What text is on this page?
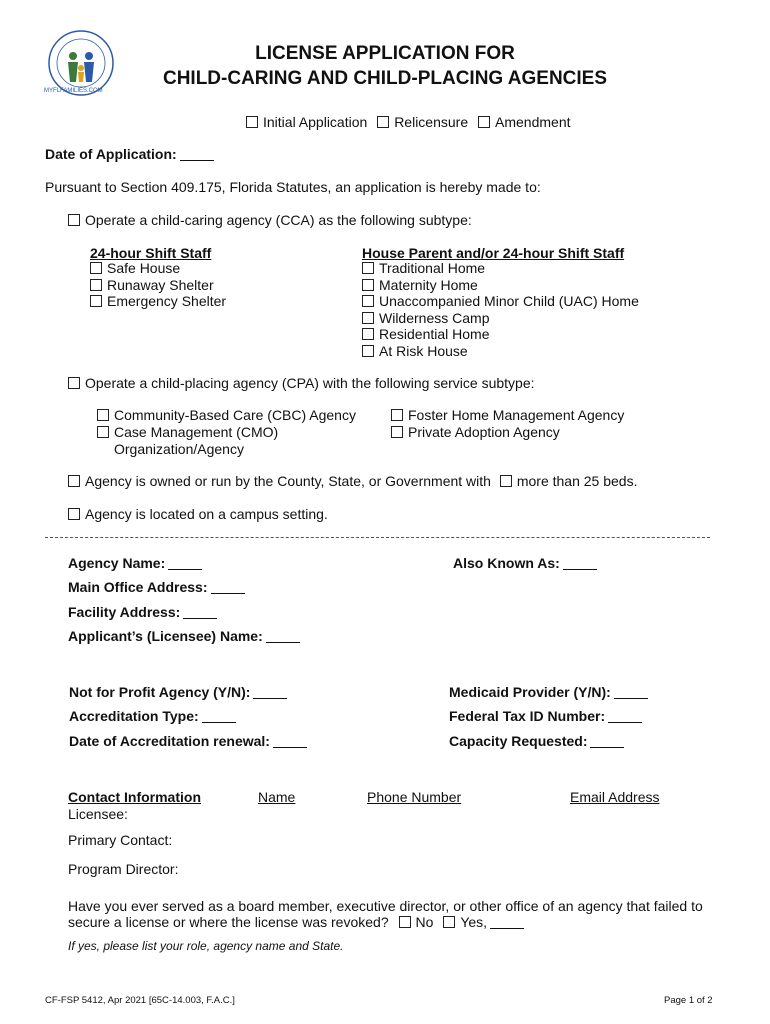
MYFLFAMILIES.COM
LICENSE APPLICATION FOR
CHILD-CARING AND CHILD-PLACING AGENCIES
Initial Application Relicensure Amendment
Date of Application:
Pursuant to Section 409.175, Florida Statutes, an application is hereby made to:
Operate a child-caring agency (CCA) as the following subtype:
24-hour Shift Staff
Safe House
Runaway Shelter
Emergency Shelter
House Parent and/or 24-hour Shift Staff
Traditional Home
Maternity Home
Unaccompanied Minor Child (UAC) Home
Wilderness Camp
Residential Home
At Risk House
Operate a child-placing agency (CPA) with the following service subtype:
Community-Based Care (CBC) Agency
Case Management (CMO)
Organization/Agency
Foster Home Management Agency
Private Adoption Agency
Agency is owned or run by the County, State, or Government with more than 25 beds.
Agency is located on a campus setting.
Agency Name:	Also Known As:
Main Office Address:
Facility Address:
Applicant’s (Licensee) Name:
Not for Profit Agency (Y/N):	Medicaid Provider (Y/N):
Accreditation Type:	Federal Tax ID Number:
Date of Accreditation renewal:	Capacity Requested:
Contact Information	Name	Phone Number	Email Address
Licensee:
Primary Contact:
Program Director:
Have you ever served as a board member, executive director, or other office of an agency that failed to
secure a license or where the license was revoked? No Yes,
If yes, please list your role, agency name and State.
CF-FSP 5412, Apr 2021 [65C-14.003, F.A.C.]	Page 1 of 2
